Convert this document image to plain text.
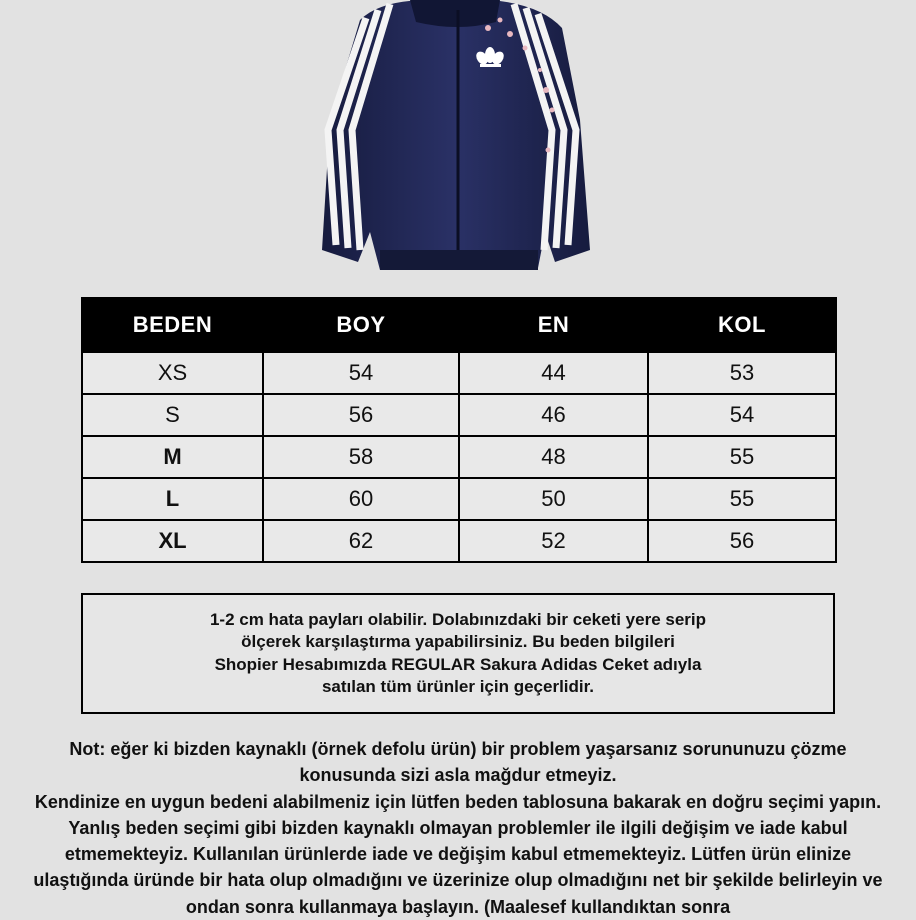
BEDEN	BOY	EN	KOL
XS	54	44	53
S	56	46	54
M	58	48	55
L	60	50	55
XL	62	52	56

1-2 cm hata payları olabilir. Dolabınızdaki bir ceketi yere serip ölçerek karşılaştırma yapabilirsiniz. Bu beden bilgileri Shopier Hesabımızda REGULAR Sakura Adidas Ceket adıyla satılan tüm ürünler için geçerlidir.

Not: eğer ki bizden kaynaklı (örnek defolu ürün) bir problem yaşarsanız sorununuzu çözme konusunda sizi asla mağdur etmeyiz.

Kendinize en uygun bedeni alabilmeniz için lütfen beden tablosuna bakarak en doğru seçimi yapın. Yanlış beden seçimi gibi bizden kaynaklı olmayan problemler ile ilgili değişim ve iade kabul etmemekteyiz. Kullanılan ürünlerde iade ve değişim kabul etmemekteyiz. Lütfen ürün elinize ulaştığında üründe bir hata olup olmadığını ve üzerinize olup olmadığını net bir şekilde belirleyin ve ondan sonra kullanmaya başlayın. (Maalesef kullandıktan sonra
